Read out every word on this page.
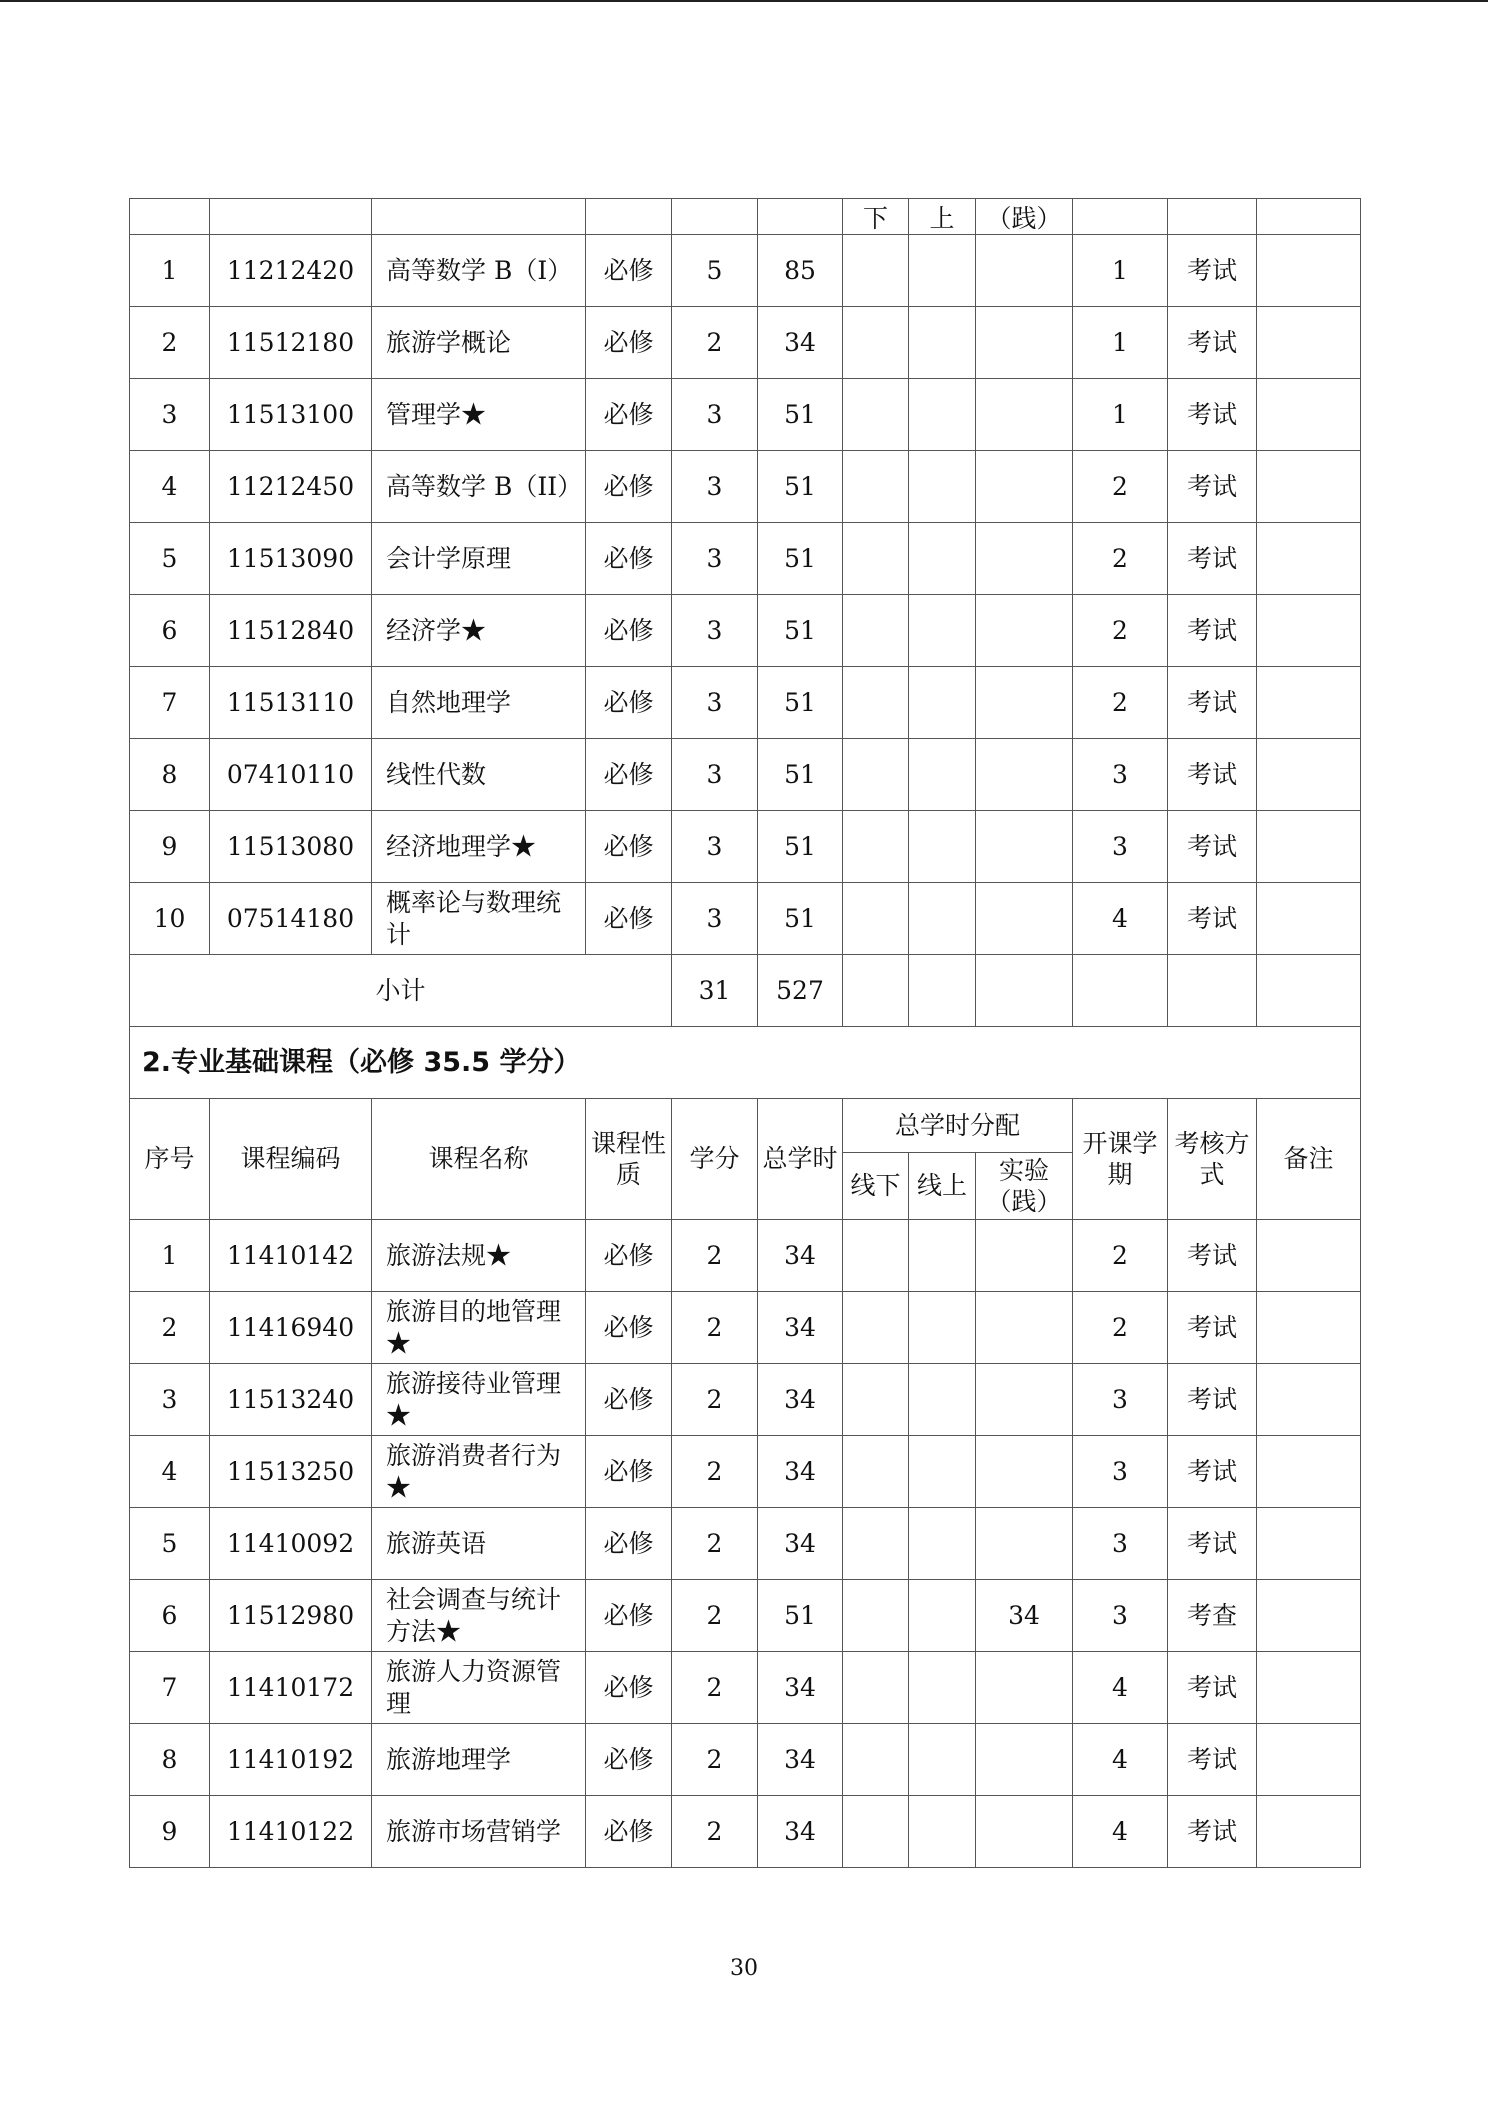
						下	上	（践）			

1	11212420	高等数学 B（I）	必修	5	85				1	考试	
2	11512180	旅游学概论	必修	2	34				1	考试	
3	11513100	管理学★	必修	3	51				1	考试	
4	11212450	高等数学 B（II）	必修	3	51				2	考试	
5	11513090	会计学原理	必修	3	51				2	考试	
6	11512840	经济学★	必修	3	51				2	考试	
7	11513110	自然地理学	必修	3	51				2	考试	
8	07410110	线性代数	必修	3	51				3	考试	
9	11513080	经济地理学★	必修	3	51				3	考试	
10	07514180	概率论与数理统计	必修	3	51				4	考试	
小计				31	527						
2.专业基础课程（必修 35.5 学分）											
序号	课程编码	课程名称	课程性质	学分	总学时	总学时分配			开课学期	考核方式	备注
						线下	线上	实验（践）			
1	11410142	旅游法规★	必修	2	34				2	考试	
2	11416940	旅游目的地管理★	必修	2	34				2	考试	
3	11513240	旅游接待业管理★	必修	2	34				3	考试	
4	11513250	旅游消费者行为★	必修	2	34				3	考试	
5	11410092	旅游英语	必修	2	34				3	考试	
6	11512980	社会调查与统计方法★	必修	2	51			34	3	考查	
7	11410172	旅游人力资源管理	必修	2	34				4	考试	
8	11410192	旅游地理学	必修	2	34				4	考试	
9	11410122	旅游市场营销学	必修	2	34				4	考试	
30
